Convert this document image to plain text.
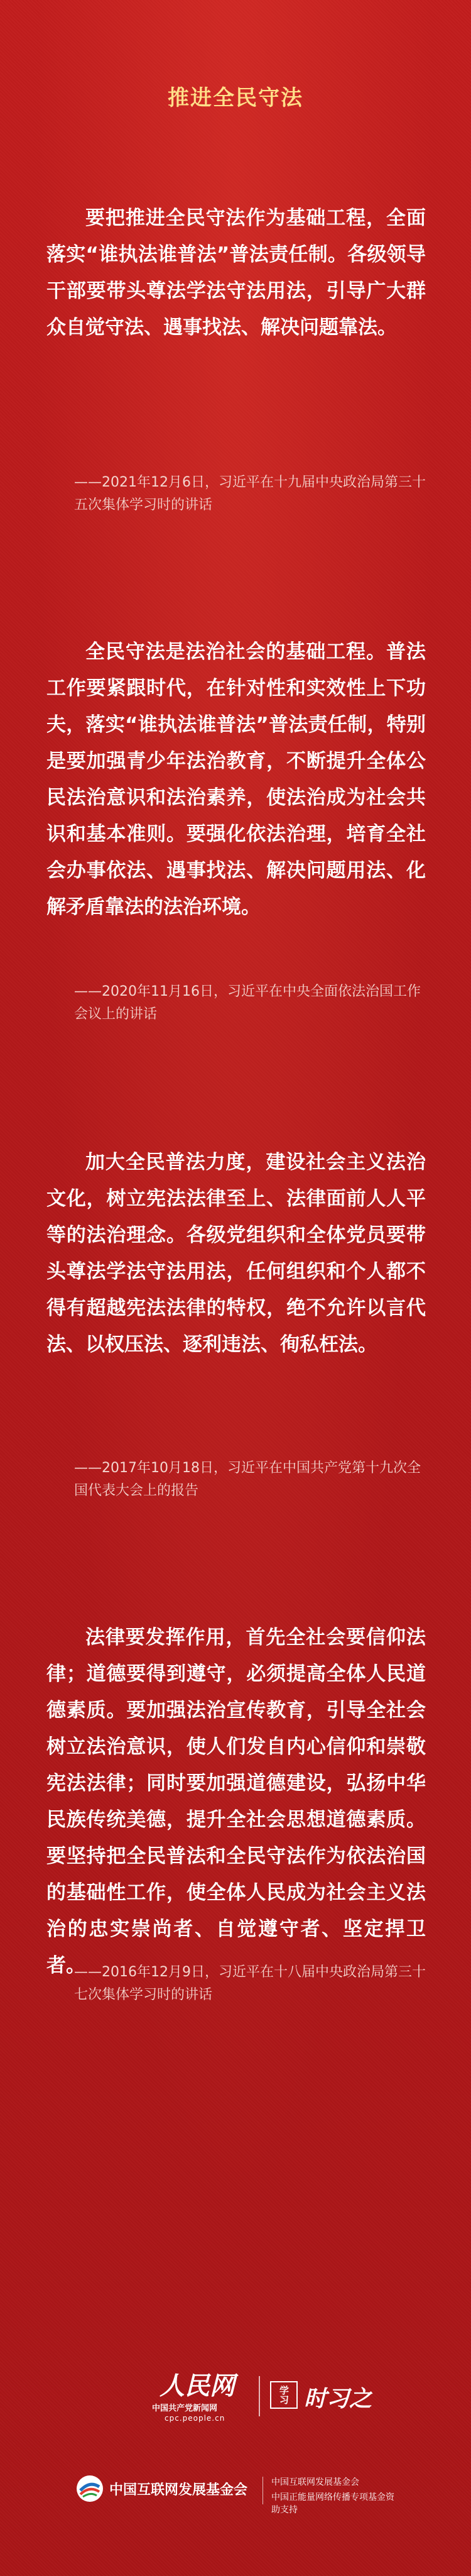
推进全民守法

要把推进全民守法作为基础工程，全面落实“谁执法谁普法”普法责任制。各级领导干部要带头尊法学法守法用法，引导广大群众自觉守法、遇事找法、解决问题靠法。

——2021年12月6日，习近平在十九届中央政治局第三十五次集体学习时的讲话

全民守法是法治社会的基础工程。普法工作要紧跟时代，在针对性和实效性上下功夫，落实“谁执法谁普法”普法责任制，特别是要加强青少年法治教育，不断提升全体公民法治意识和法治素养，使法治成为社会共识和基本准则。要强化依法治理，培育全社会办事依法、遇事找法、解决问题用法、化解矛盾靠法的法治环境。

——2020年11月16日，习近平在中央全面依法治国工作会议上的讲话

加大全民普法力度，建设社会主义法治文化，树立宪法法律至上、法律面前人人平等的法治理念。各级党组织和全体党员要带头尊法学法守法用法，任何组织和个人都不得有超越宪法法律的特权，绝不允许以言代法、以权压法、逐利违法、徇私枉法。

——2017年10月18日，习近平在中国共产党第十九次全国代表大会上的报告

法律要发挥作用，首先全社会要信仰法律；道德要得到遵守，必须提高全体人民道德素质。要加强法治宣传教育，引导全社会树立法治意识，使人们发自内心信仰和崇敬宪法法律；同时要加强道德建设，弘扬中华民族传统美德，提升全社会思想道德素质。要坚持把全民普法和全民守法作为依法治国的基础性工作，使全体人民成为社会主义法治的忠实崇尚者、自觉遵守者、坚定捍卫者。

——2016年12月9日，习近平在十八届中央政治局第三十七次集体学习时的讲话

人民网
中国共产党新闻网
cpc.people.cn
学习 时习之
中国互联网发展基金会	中国互联网发展基金会
中国正能量网络传播专项基金资助支持
